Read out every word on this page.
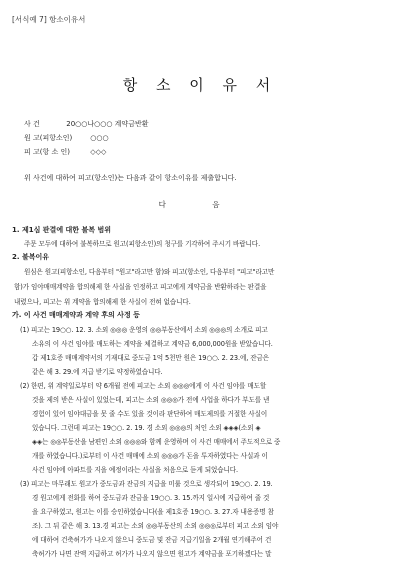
[서식예 7] 항소이유서
항 소 이 유 서
사 건	20○○나○○○ 계약금반환
원 고(피항소인)	○○○
피 고(항 소 인)	◇◇◇
위 사건에 대하여 피고(항소인)는 다음과 같이 항소이유를 제출합니다.
다 음
1. 제1심 판결에 대한 불복 범위
주문 모두에 대하여 불복하므로 원고(피항소인)의 청구를 기각하여 주시기 바랍니다.
2. 불복이유
원심은 원고(피항소인, 다음부터 "원고"라고만 함)와 피고(항소인, 다음부터 "피고"라고만
함)가 임야매매계약을 합의해제 한 사실을 인정하고 피고에게 계약금을 반환하라는 판결을
내렸으나, 피고는 위 계약을 합의해제 한 사실이 전혀 없습니다.
가. 이 사건 매매계약과 계약 후의 사정 등
(1) 피고는 19○○. 12. 3. 소외 ◎◎◎ 운영의 ◎◎부동산에서 소외 ◎◎◎의 소개로 피고
소유의 이 사건 임야를 매도하는 계약을 체결하고 계약금 6,000,000원을 받았습니다.
갑 제1호증 매매계약서의 기재대로 중도금 1억 5천만 원은 19○○. 2. 23.에, 잔금은
같은 해 3. 29.에 지급 받기로 약정하였습니다.
(2) 한편, 위 계약일로부터 약 6개월 전에 피고는 소외 ◎◎◎에게 이 사건 임야를 매도할
것을 제의 받은 사실이 있었는데, 피고는 소외 ◎◎◎가 전에 사업을 하다가 부도를 낸
경험이 있어 임야대금을 못 줄 수도 있을 것이라 판단하여 매도제의를 거절한 사실이
있습니다. 그런데 피고는 19○○. 2. 19. 경 소외 ◎◎◎의 처인 소외 ◈◈◈(소외 ◈
◈◈는 ◎◎부동산을 남편인 소외 ◎◎◎와 함께 운영하며 이 사건 매매에서 주도적으로 중
개를 하였습니다.)로부터 이 사건 매매에 소외 ◎◎◎가 돈을 투자하였다는 사실과 이
사건 임야에 아파트를 지을 예정이라는 사실을 처음으로 듣게 되었습니다.
(3) 피고는 마무래도 원고가 중도금과 잔금의 지급을 미룰 것으로 생각되어 19○○. 2. 19.
경 원고에게 전화를 하여 중도금과 잔금을 19○○. 3. 15.까지 일시에 지급하여 줄 것
을 요구하였고, 원고는 이를 승인하였습니다(을 제1호증 19○○. 3. 27.자 내용증명 참
조). 그 뒤 같은 해 3. 13.경 피고는 소외 ◎◎부동산의 소외 ◎◎◎로부터 피고 소외 임야
에 대하여 건축허가가 나오지 않으니 중도금 및 잔금 지급기일을 2개월 연기해주어 건
축허가가 나면 잔액 지급하고 허가가 나오지 않으면 원고가 계약금을 포기하겠다는 말
